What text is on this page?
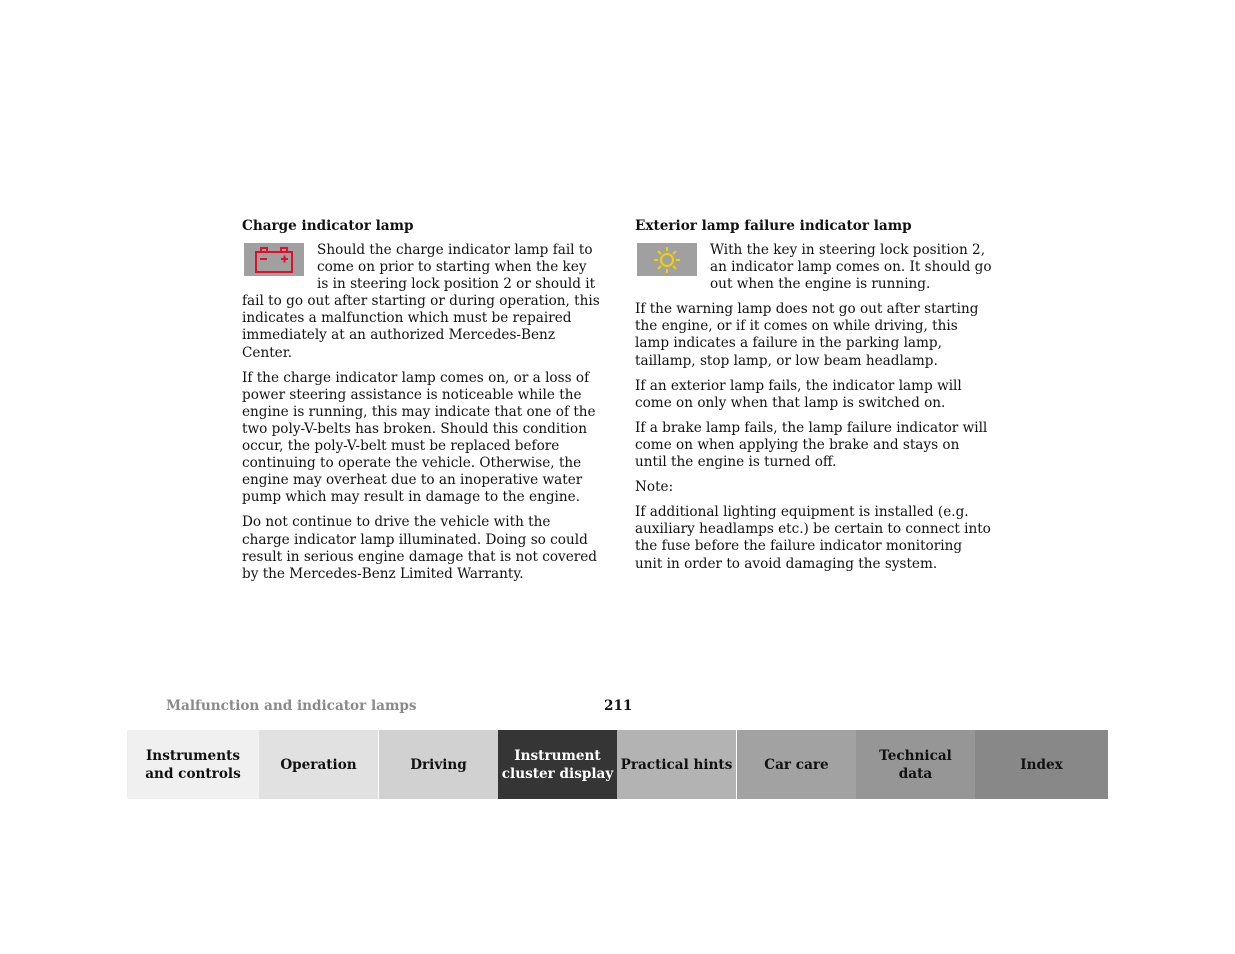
Charge indicator lamp

Should the charge indicator lamp fail to come on prior to starting when the key is in steering lock position 2 or should it fail to go out after starting or during operation, this indicates a malfunction which must be repaired immediately at an authorized Mercedes-Benz Center.

If the charge indicator lamp comes on, or a loss of power steering assistance is noticeable while the engine is running, this may indicate that one of the two poly-V-belts has broken. Should this condition occur, the poly-V-belt must be replaced before continuing to operate the vehicle. Otherwise, the engine may overheat due to an inoperative water pump which may result in damage to the engine.

Do not continue to drive the vehicle with the charge indicator lamp illuminated. Doing so could result in serious engine damage that is not covered by the Mercedes-Benz Limited Warranty.

Exterior lamp failure indicator lamp

With the key in steering lock position 2, an indicator lamp comes on. It should go out when the engine is running.

If the warning lamp does not go out after starting the engine, or if it comes on while driving, this lamp indicates a failure in the parking lamp, taillamp, stop lamp, or low beam headlamp.

If an exterior lamp fails, the indicator lamp will come on only when that lamp is switched on.

If a brake lamp fails, the lamp failure indicator will come on when applying the brake and stays on until the engine is turned off.

Note:

If additional lighting equipment is installed (e.g. auxiliary headlamps etc.) be certain to connect into the fuse before the failure indicator monitoring unit in order to avoid damaging the system.

Malfunction and indicator lamps	211
Instruments
and controls
Operation	Driving
Instrument
cluster display
Practical hints	Car care
Technical
data
Index
